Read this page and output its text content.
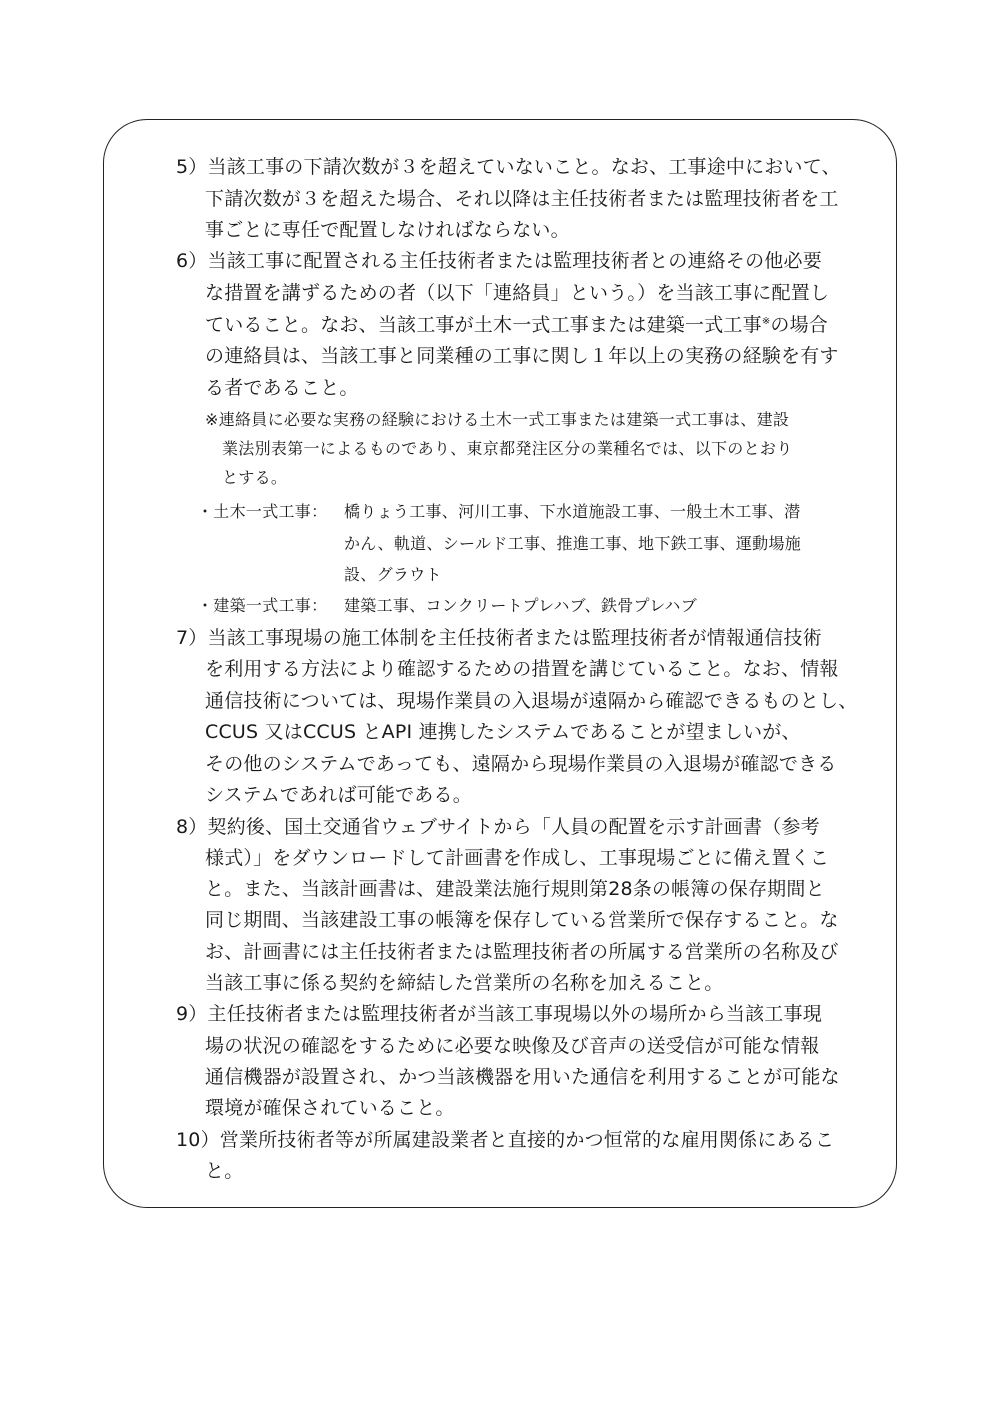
5）当該工事の下請次数が３を超えていないこと。なお、工事途中において、
下請次数が３を超えた場合、それ以降は主任技術者または監理技術者を工
事ごとに専任で配置しなければならない。
6）当該工事に配置される主任技術者または監理技術者との連絡その他必要
な措置を講ずるための者（以下「連絡員」という。）を当該工事に配置し
ていること。なお、当該工事が土木一式工事または建築一式工事※の場合
の連絡員は、当該工事と同業種の工事に関し１年以上の実務の経験を有す
る者であること。
※連絡員に必要な実務の経験における土木一式工事または建築一式工事は、建設
業法別表第一によるものであり、東京都発注区分の業種名では、以下のとおり
とする。
・土木一式工事： 橋りょう工事、河川工事、下水道施設工事、一般土木工事、潜
かん、軌道、シールド工事、推進工事、地下鉄工事、運動場施
設、グラウト
・建築一式工事： 建築工事、コンクリートプレハブ、鉄骨プレハブ
7）当該工事現場の施工体制を主任技術者または監理技術者が情報通信技術
を利用する方法により確認するための措置を講じていること。なお、情報
通信技術については、現場作業員の入退場が遠隔から確認できるものとし、
CCUS 又はCCUS とAPI 連携したシステムであることが望ましいが、
その他のシステムであっても、遠隔から現場作業員の入退場が確認できる
システムであれば可能である。
8）契約後、国土交通省ウェブサイトから「人員の配置を示す計画書（参考
様式）」をダウンロードして計画書を作成し、工事現場ごとに備え置くこ
と。また、当該計画書は、建設業法施行規則第28条の帳簿の保存期間と
同じ期間、当該建設工事の帳簿を保存している営業所で保存すること。な
お、計画書には主任技術者または監理技術者の所属する営業所の名称及び
当該工事に係る契約を締結した営業所の名称を加えること。
9）主任技術者または監理技術者が当該工事現場以外の場所から当該工事現
場の状況の確認をするために必要な映像及び音声の送受信が可能な情報
通信機器が設置され、かつ当該機器を用いた通信を利用することが可能な
環境が確保されていること。
10）営業所技術者等が所属建設業者と直接的かつ恒常的な雇用関係にあるこ
と。
